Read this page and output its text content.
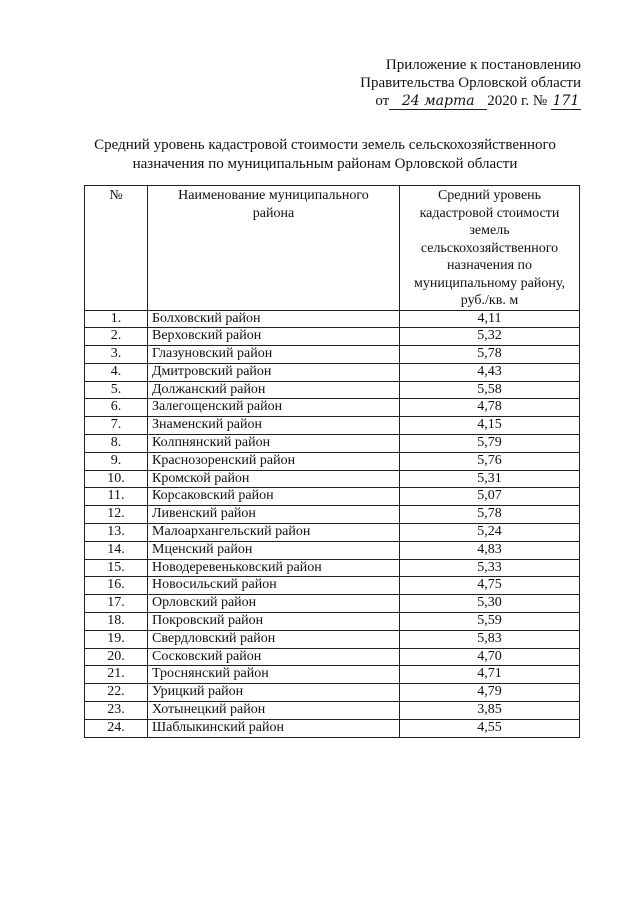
Приложение к постановлению
Правительства Орловской области
от 24 марта 2020 г. № 171
Средний уровень кадастровой стоимости земель сельскохозяйственного
назначения по муниципальным районам Орловской области
№	Наименование муниципального района	Средний уровень кадастровой стоимости земель сельскохозяйственного назначения по муниципальному району, руб./кв. м

1.	Болховский район	4,11
2.	Верховский район	5,32
3.	Глазуновский район	5,78
4.	Дмитровский район	4,43
5.	Должанский район	5,58
6.	Залегощенский район	4,78
7.	Знаменский район	4,15
8.	Колпнянский район	5,79
9.	Краснозоренский район	5,76
10.	Кромской район	5,31
11.	Корсаковский район	5,07
12.	Ливенский район	5,78
13.	Малоархангельский район	5,24
14.	Мценский район	4,83
15.	Новодеревеньковский район	5,33
16.	Новосильский район	4,75
17.	Орловский район	5,30
18.	Покровский район	5,59
19.	Свердловский район	5,83
20.	Сосковский район	4,70
21.	Троснянский район	4,71
22.	Урицкий район	4,79
23.	Хотынецкий район	3,85
24.	Шаблыкинский район	4,55
